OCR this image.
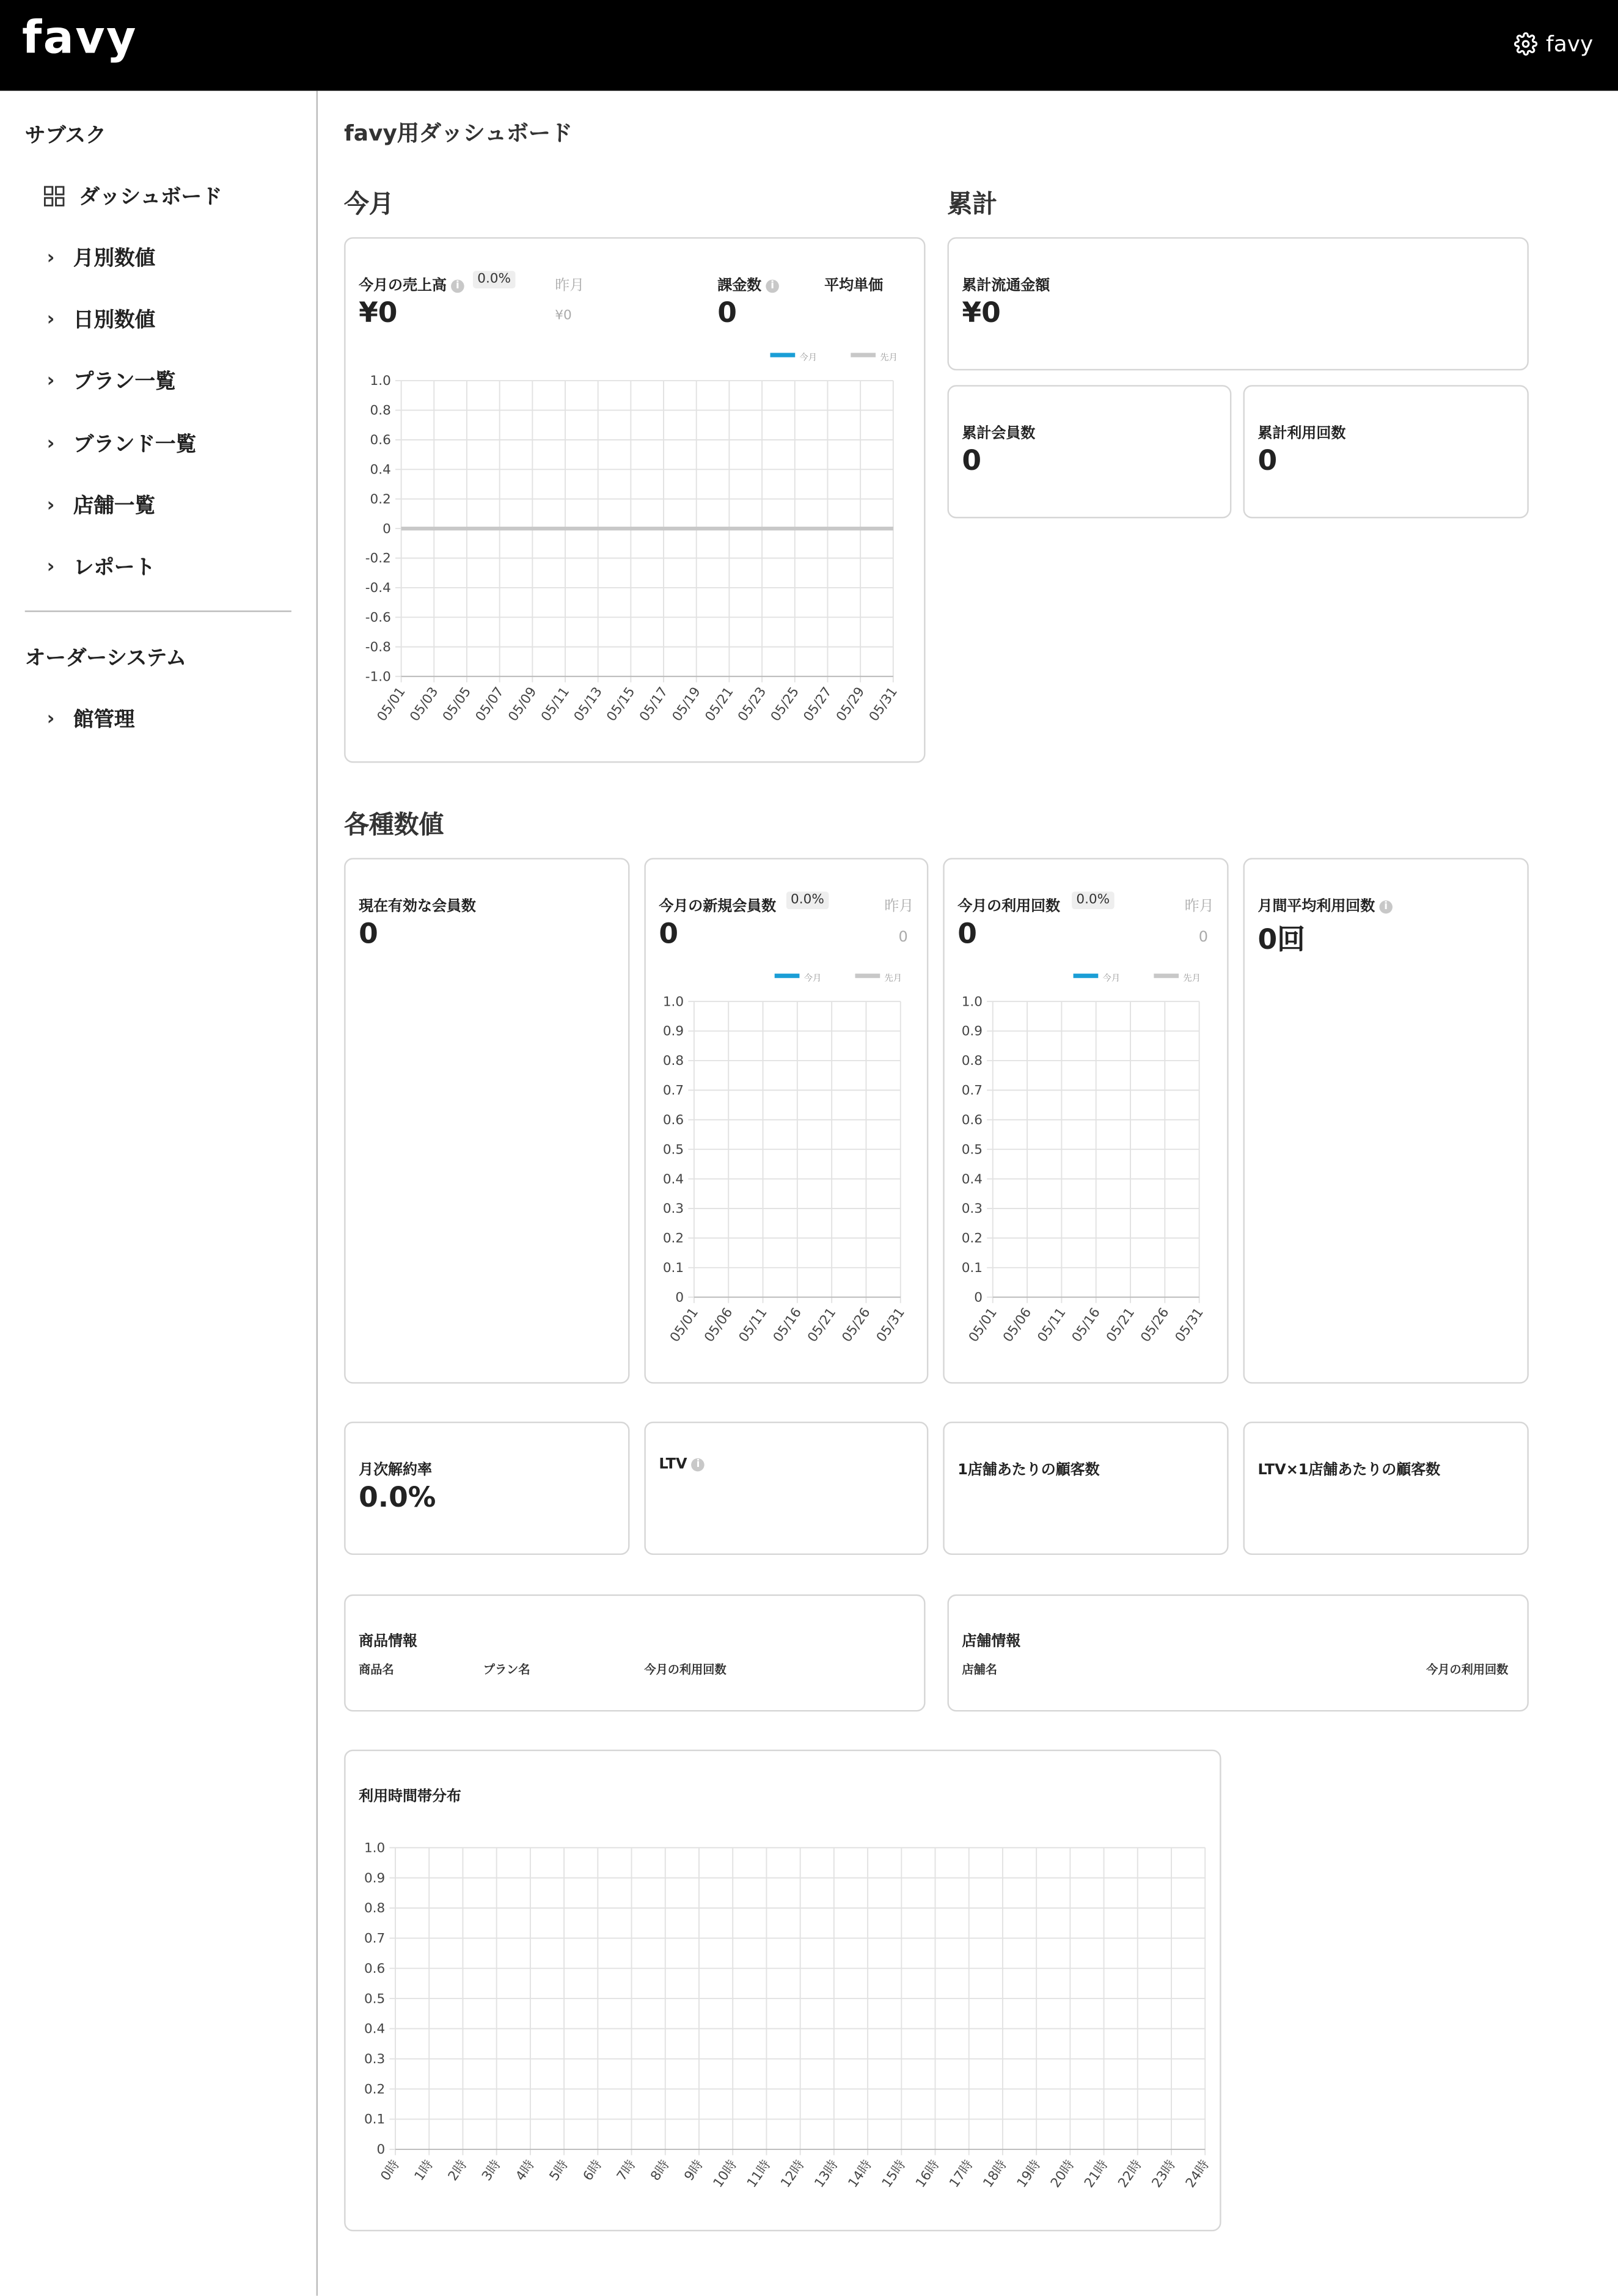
favy	favy
サブスク
ダッシュボード
›	月別数値
›	日別数値
›	プラン一覧
›	ブランド一覧
›	店舗一覧
›	レポート
オーダーシステム
›	館管理
favy用ダッシュボード
今月	累計
今月の売上高 i	0.0%	昨月
¥0	¥0
課金数 i
0
平均単価
1.0
0.8
0.6
0.4
0.2
0
-0.2
-0.4
-0.6
-0.8
-1.0
05/01
05/03
05/05
05/07
05/09
05/11
05/13
05/15
05/17
05/19
05/21
05/23
05/25
05/27
05/29
05/31
今月	先月
累計流通金額
¥0
累計会員数
0
累計利用回数
0
各種数値
現在有効な会員数
0
今月の新規会員数	0.0%	昨月
0	0
1.0
0.9
0.8
0.7
0.6
0.5
0.4
0.3
0.2
0.1
0
05/01 05/06 05/11 05/16 05/21 05/26 05/31
今月	先月
今月の利用回数	0.0%	昨月
0	0
1.0
0.9
0.8
0.7
0.6
0.5
0.4
0.3
0.2
0.1
0
05/01 05/06 05/11 05/16 05/21 05/26 05/31
今月	先月
月間平均利用回数 i
0回
月次解約率
0.0%
LTV i	1店舗あたりの顧客数	LTV×1店舗あたりの顧客数
商品情報
商品名	プラン名	今月の利用回数
店舗情報
店舗名	今月の利用回数
利用時間帯分布
1.0
0.9
0.8
0.7
0.6
0.5
0.4
0.3
0.2
0.1
0
0時 1時 2時 3時 4時 5時 6時 7時 8時 9時 10時 11時 12時 13時 14時 15時 16時 17時 18時 19時 20時 21時 22時 23時 24時
